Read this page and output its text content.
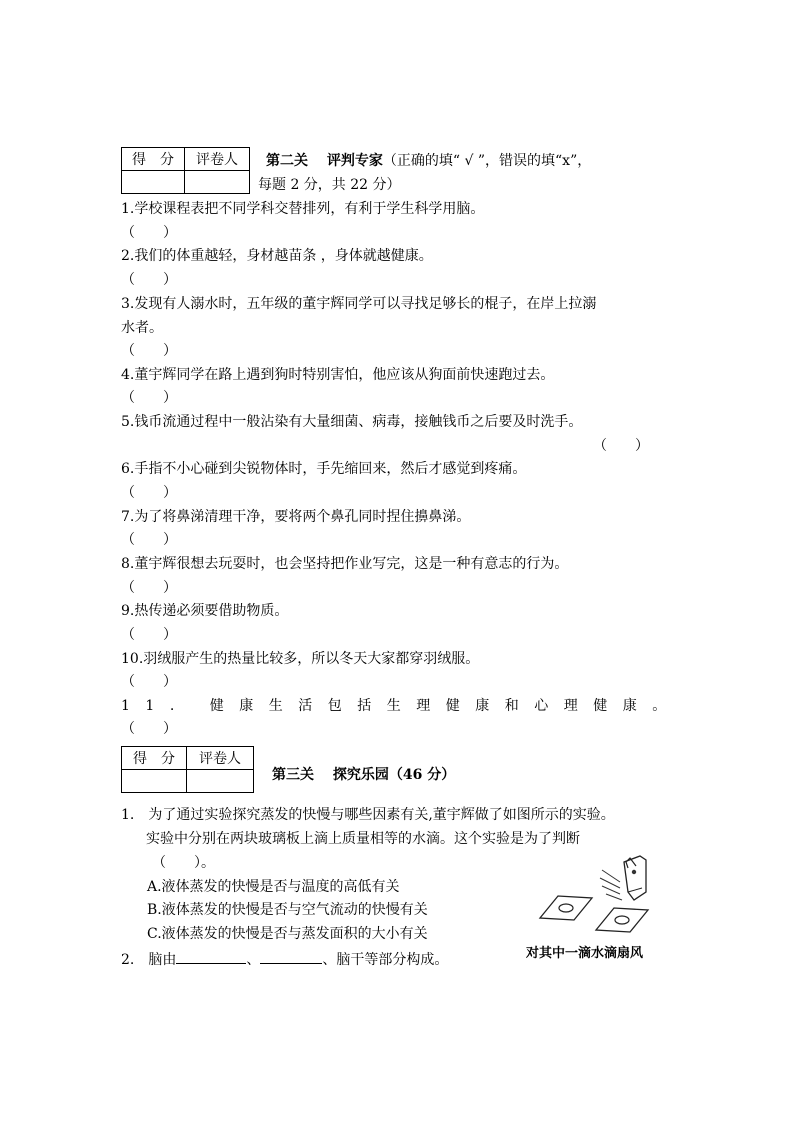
得　分	评卷人
	第二关　 评判专家（正确的填“ √ ”，错误的填“x”，
每题 2 分，共 22 分）
1.学校课程表把不同学科交替排列，有利于学生科学用脑。
（　　）
2.我们的体重越轻，身材越苗条 ，身体就越健康。
（　　）
3.发现有人溺水时，五年级的董宇辉同学可以寻找足够长的棍子，在岸上拉溺
水者。
（　　）
4.董宇辉同学在路上遇到狗时特别害怕，他应该从狗面前快速跑过去。
（　　）
5.钱币流通过程中一般沾染有大量细菌、病毒，接触钱币之后要及时洗手。
（　　）
6.手指不小心碰到尖锐物体时，手先缩回来，然后才感觉到疼痛。
（　　）
7.为了将鼻涕清理干净，要将两个鼻孔同时捏住擤鼻涕。
（　　）
8.董宇辉很想去玩耍时，也会坚持把作业写完，这是一种有意志的行为。
（　　）
9.热传递必须要借助物质。
（　　）
10.羽绒服产生的热量比较多，所以冬天大家都穿羽绒服。
（　　）
11. 健康生活包括生理健康和心理健康。
（　　）
得　分	评卷人

第三关　 探究乐园（46 分）
1.　为了通过实验探究蒸发的快慢与哪些因素有关,董宇辉做了如图所示的实验。
实验中分别在两块玻璃板上滴上质量相等的水滴。这个实验是为了判断
（　　）。
A.液体蒸发的快慢是否与温度的高低有关
B.液体蒸发的快慢是否与空气流动的快慢有关
C.液体蒸发的快慢是否与蒸发面积的大小有关
2.　脑由	、	、脑干等部分构成。	对其中一滴水滴扇风
